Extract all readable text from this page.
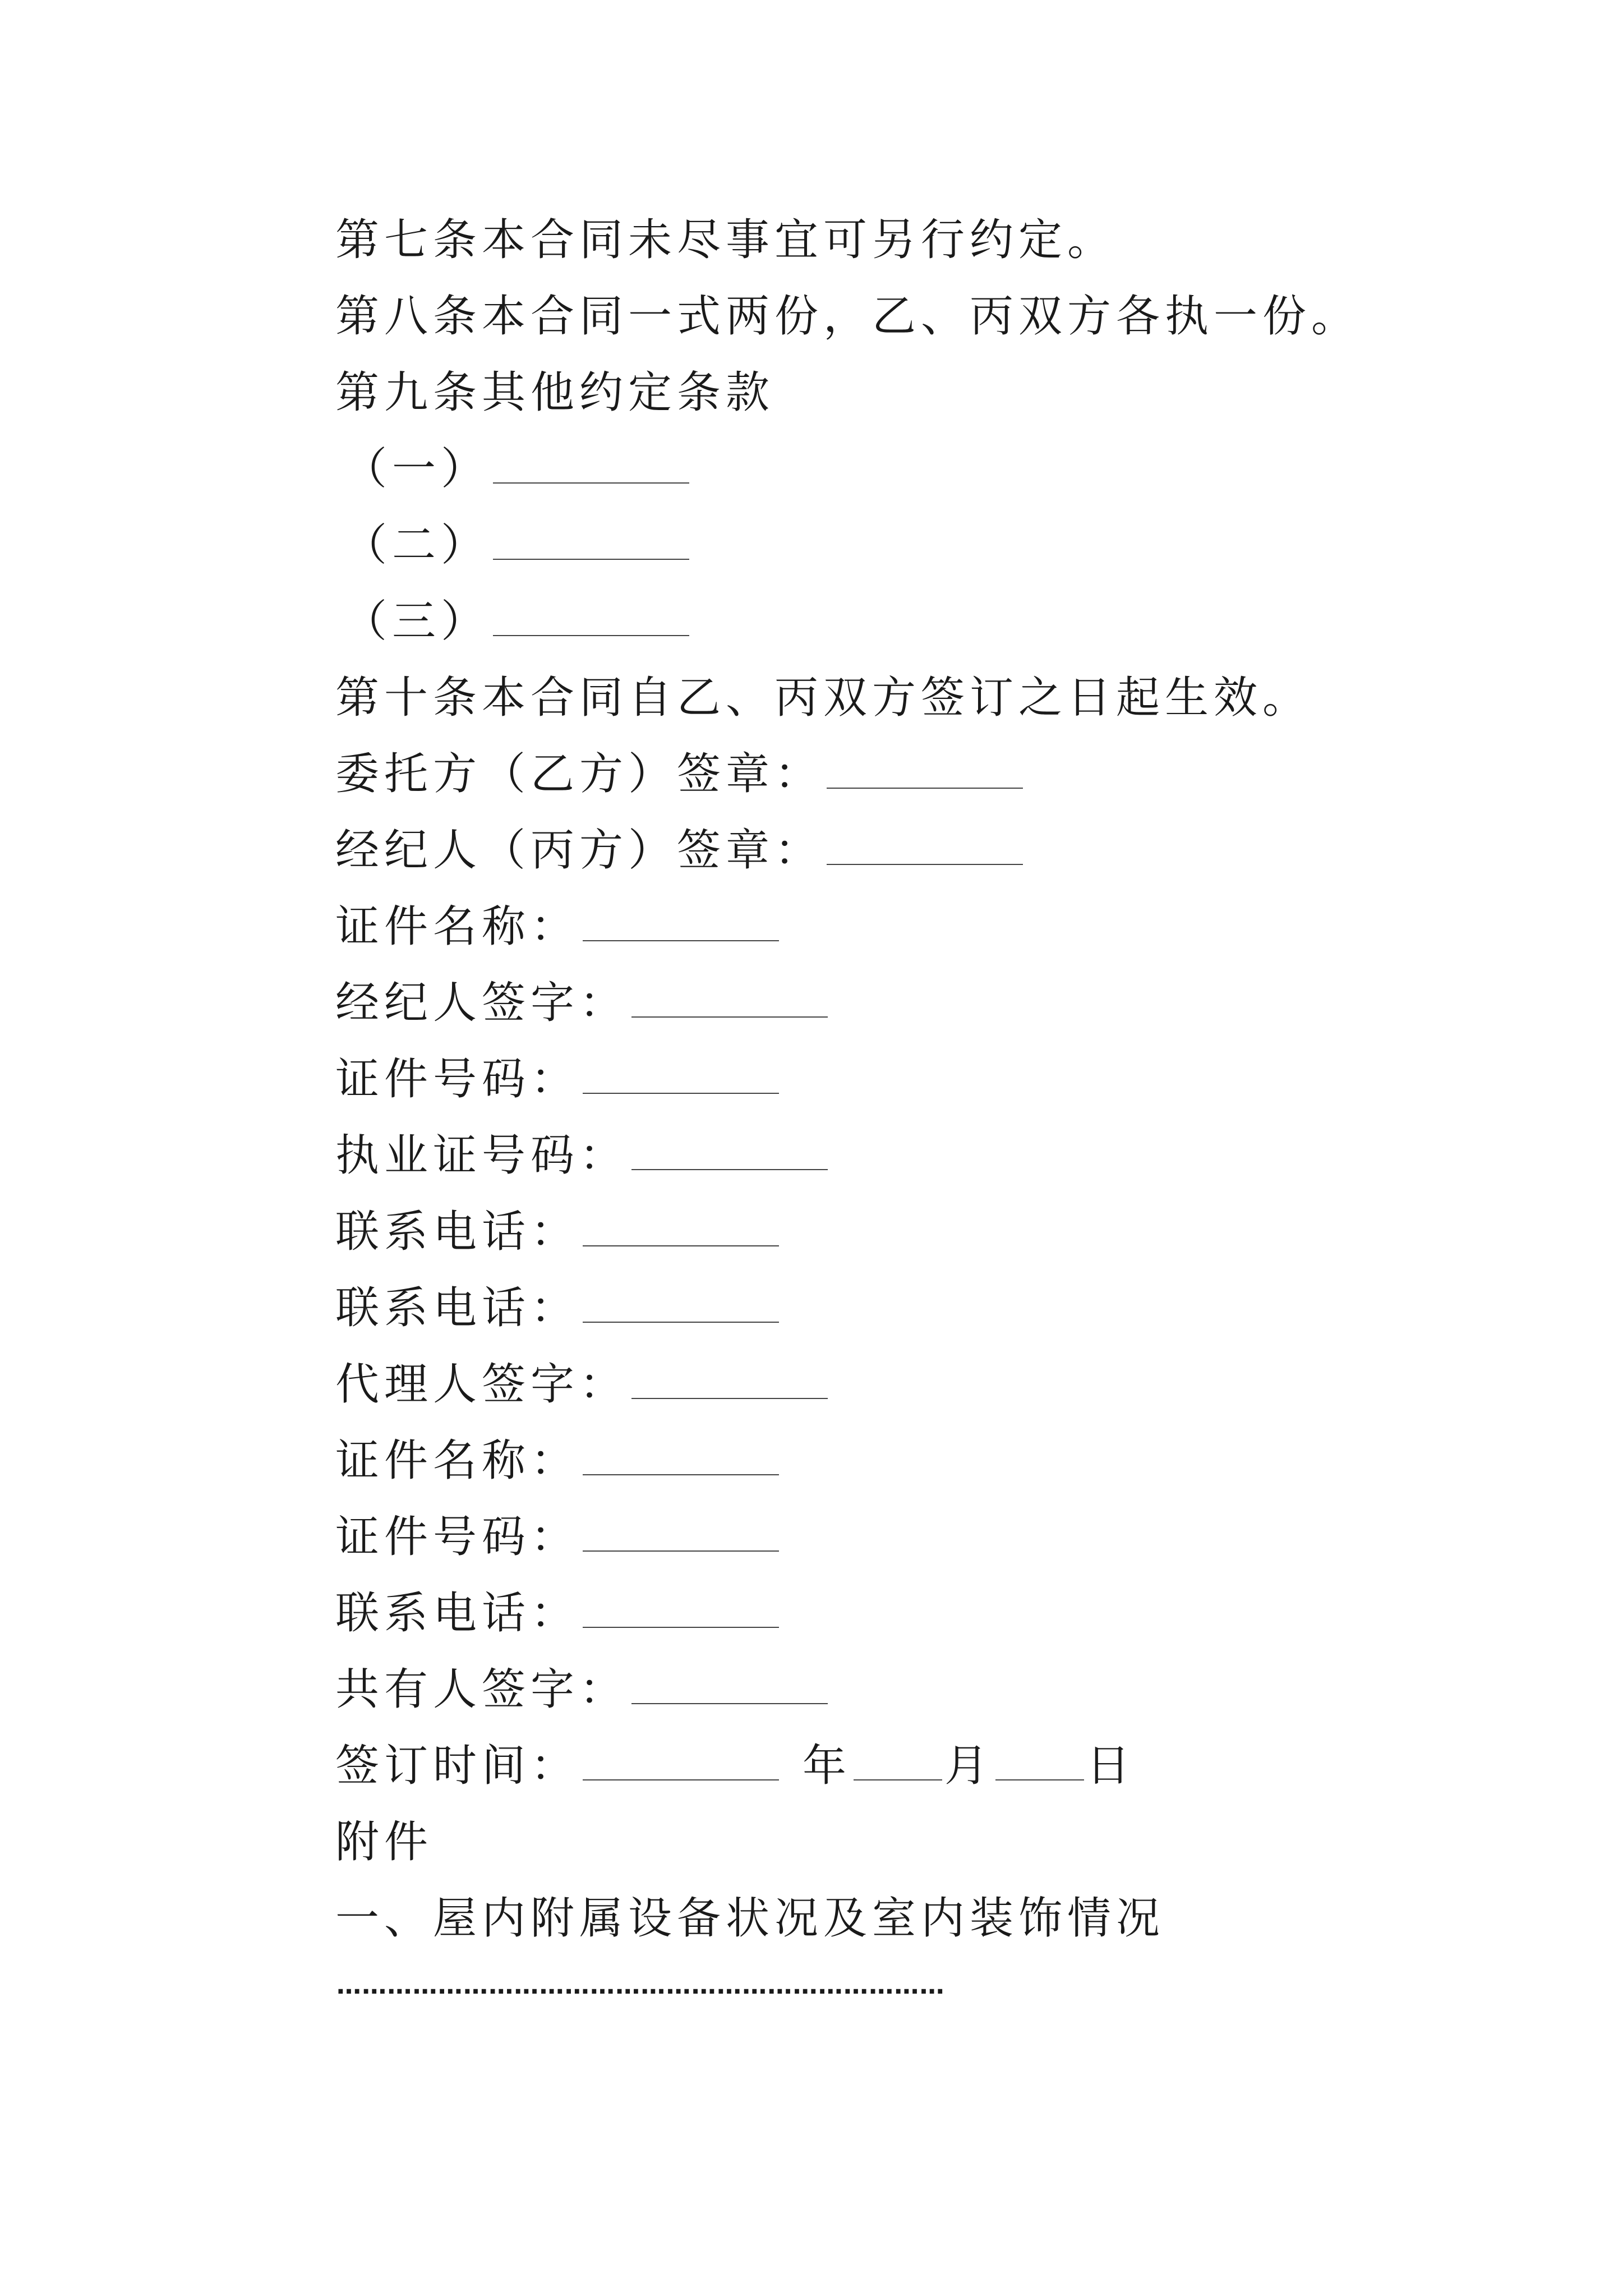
第七条本合同未尽事宜可另行约定。
第八条本合同一式两份，乙、丙双方各执一份。
第九条其他约定条款
（一）
（二）
（三）
第十条本合同自乙、丙双方签订之日起生效。
委托方（乙方）签章：
经纪人（丙方）签章：
证件名称：
经纪人签字：
证件号码：
执业证号码：
联系电话：
联系电话：
代理人签字：
证件名称：
证件号码：
联系电话：
共有人签字：
签订时间：	年 月 日
附件
一、屋内附属设备状况及室内装饰情况
………………………………………………………………
